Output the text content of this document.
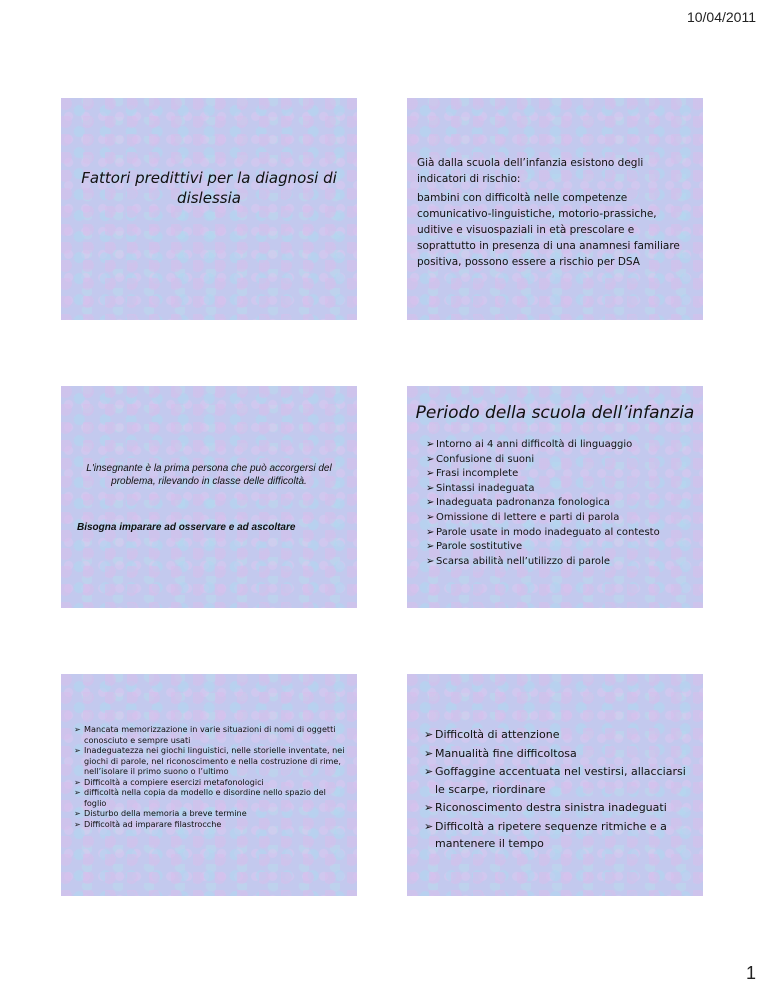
10/04/2011
Fattori predittivi per la diagnosi di
dislessia

Già dalla scuola dell’infanzia esistono degli indicatori di rischio:

bambini con difficoltà nelle competenze comunicativo-linguistiche, motorio-prassiche, uditive e visuospaziali in età prescolare e soprattutto in presenza di una anamnesi familiare positiva, possono essere a rischio per DSA

L'insegnante è la prima persona che può accorgersi del problema, rilevando in classe delle difficoltà.
Bisogna imparare ad osservare e ad ascoltare
Periodo della scuola dell’infanzia
➢ Intorno ai 4 anni difficoltà di linguaggio
➢ Confusione di suoni
➢ Frasi incomplete
➢ Sintassi inadeguata
➢ Inadeguata padronanza fonologica
➢ Omissione di lettere e parti di parola
➢ Parole usate in modo inadeguato al contesto
➢ Parole sostitutive
➢ Scarsa abilità nell’utilizzo di parole
➢ Mancata memorizzazione in varie situazioni di nomi di oggetti conosciuto e sempre usati
➢ Inadeguatezza nei giochi linguistici, nelle storielle inventate, nei giochi di parole, nel riconoscimento e nella costruzione di rime, nell’isolare il primo suono o l’ultimo
➢ Difficoltà a compiere esercizi metafonologici
➢ difficoltà nella copia da modello e disordine nello spazio del foglio
➢ Disturbo della memoria a breve termine
➢ Difficoltà ad imparare filastrocche
➢ Difficoltà di attenzione
➢ Manualità fine difficoltosa
➢ Goffaggine accentuata nel vestirsi, allacciarsi le scarpe, riordinare
➢ Riconoscimento destra sinistra inadeguati
➢ Difficoltà a ripetere sequenze ritmiche e a mantenere il tempo
1
